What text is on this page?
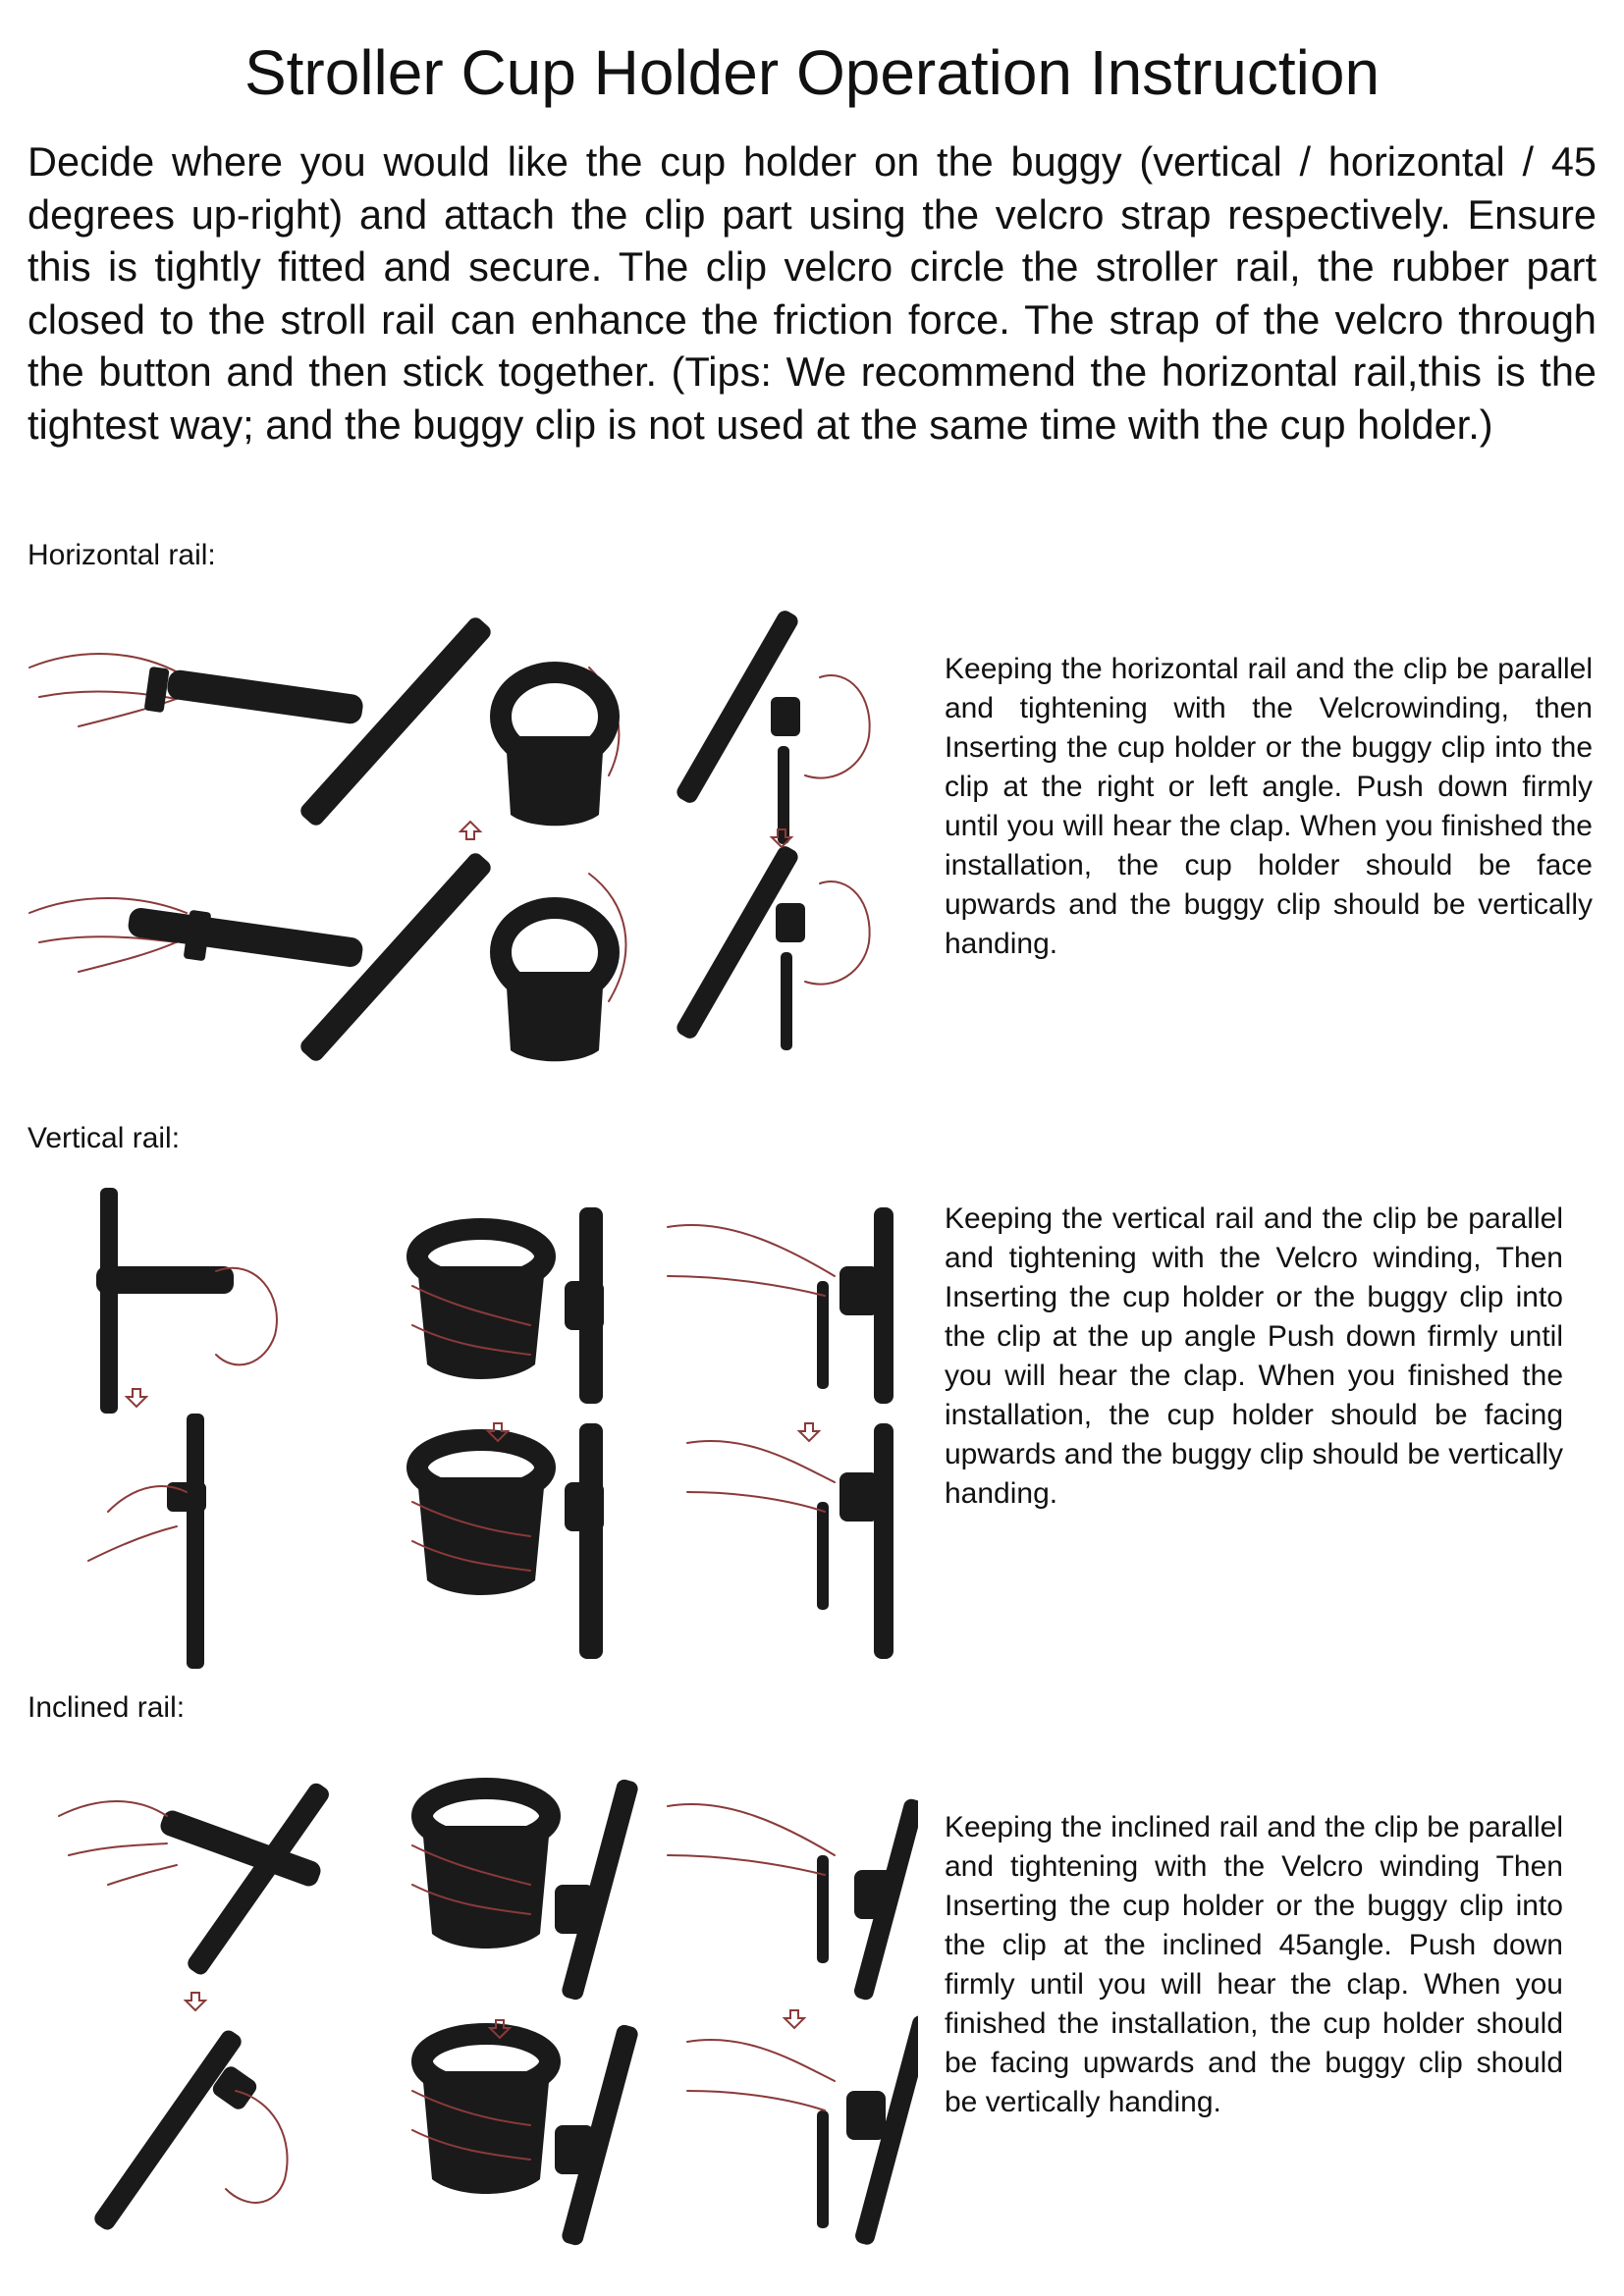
Stroller Cup Holder Operation Instruction

Decide where you would like the cup holder on the buggy (vertical / horizontal / 45 degrees up-right) and attach the clip part using the velcro strap respectively. Ensure this is tightly fitted and secure. The clip velcro circle the stroller rail, the rubber part closed to the stroll rail can enhance the friction force. The strap of the velcro through the button and then stick together. (Tips: We recommend the horizontal rail,this is the tightest way; and the buggy clip is not used at the same time with the cup holder.)

Horizontal rail:

Keeping the horizontal rail and the clip be parallel and tightening with the Velcrowinding, then Inserting the cup holder or the buggy clip into the clip at the right or left angle. Push down firmly until you will hear the clap. When you finished the installation, the cup holder should be face upwards and the buggy clip should be vertically handing.

Vertical rail:

Keeping the vertical rail and the clip be parallel and tightening with the Velcro winding, Then Inserting the cup holder or the buggy clip into the clip at the up angle Push down firmly until you will hear the clap. When you finished the installation, the cup holder should be facing upwards and the buggy clip should be vertically handing.

Inclined rail:

Keeping the inclined rail and the clip be parallel and tightening with the Velcro winding Then Inserting the cup holder or the buggy clip into the clip at the inclined 45angle. Push down firmly until you will hear the clap. When you finished the installation, the cup holder should be facing upwards and the buggy clip should be vertically handing.
